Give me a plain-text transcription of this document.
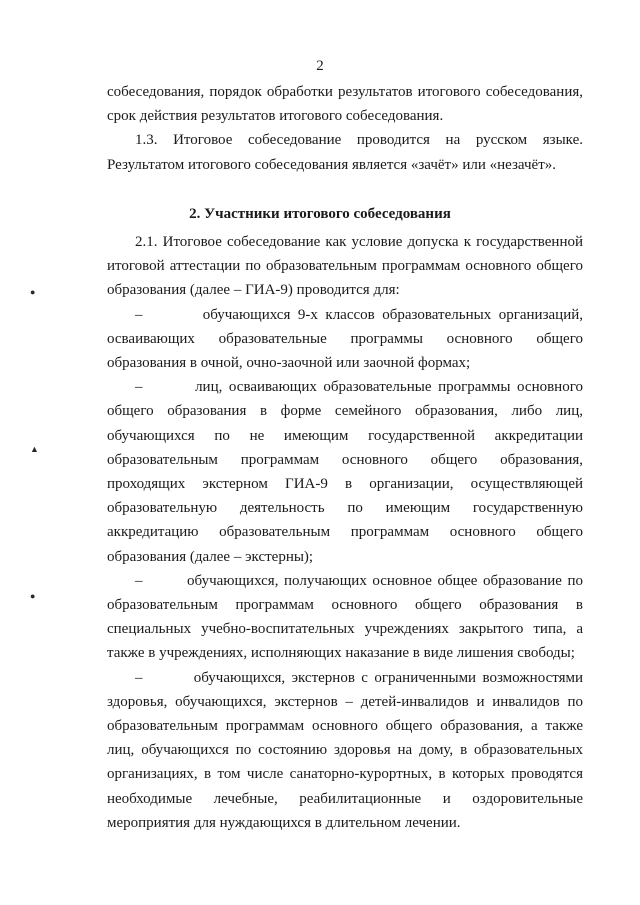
2

собеседования, порядок обработки результатов итогового собеседования, срок действия результатов итогового собеседования.

1.3. Итоговое собеседование проводится на русском языке. Результатом итогового собеседования является «зачёт» или «незачёт».

2. Участники итогового собеседования

2.1. Итоговое собеседование как условие допуска к государственной итоговой аттестации по образовательным программам основного общего образования (далее – ГИА-9) проводится для:

–        обучающихся 9-х классов образовательных организаций, осваивающих образовательные программы основного общего образования в очной, очно-заочной или заочной формах;

–        лиц, осваивающих образовательные программы основного общего образования в форме семейного образования, либо лиц, обучающихся по не имеющим государственной аккредитации образовательным программам основного общего образования, проходящих экстерном ГИА-9 в организации, осуществляющей образовательную деятельность по имеющим государственную аккредитацию образовательным программам основного общего образования (далее – экстерны);

–        обучающихся, получающих основное общее образование по образовательным программам основного общего образования в специальных учебно-воспитательных учреждениях закрытого типа, а также в учреждениях, исполняющих наказание в виде лишения свободы;

–        обучающихся, экстернов с ограниченными возможностями здоровья, обучающихся, экстернов – детей-инвалидов и инвалидов по образовательным программам основного общего образования, а также лиц, обучающихся по состоянию здоровья на дому, в образовательных организациях, в том числе санаторно-курортных, в которых проводятся необходимые лечебные, реабилитационные и оздоровительные мероприятия для нуждающихся в длительном лечении.

●
▲
●
